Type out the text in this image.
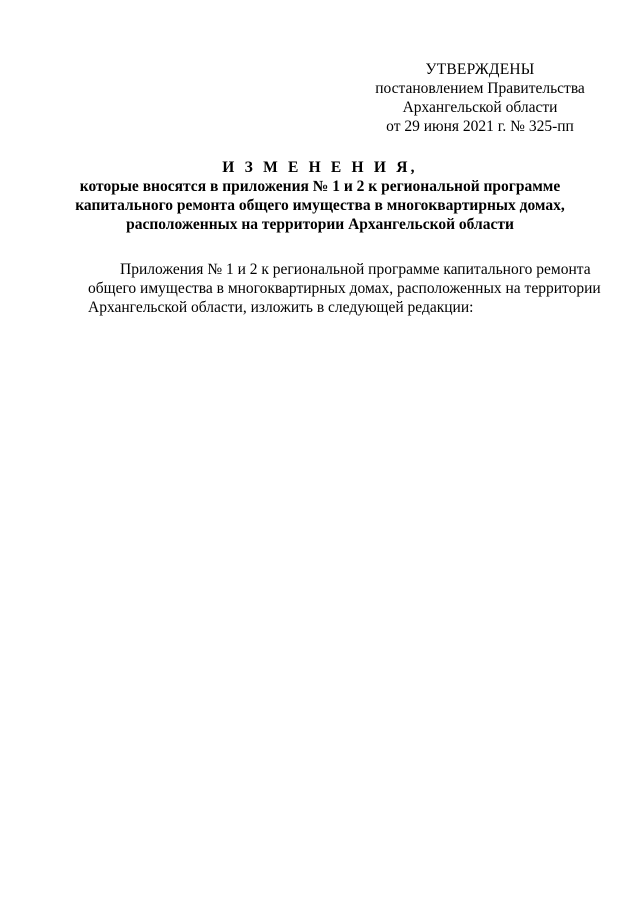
УТВЕРЖДЕНЫ
постановлением Правительства
Архангельской области
от 29 июня 2021 г. № 325-пп
И З М Е Н Е Н И Я,
которые вносятся в приложения № 1 и 2 к региональной программе
капитального ремонта общего имущества в многоквартирных домах,
расположенных на территории Архангельской области
Приложения № 1 и 2 к региональной программе капитального ремонта
общего имущества в многоквартирных домах, расположенных на территории
Архангельской области, изложить в следующей редакции:
